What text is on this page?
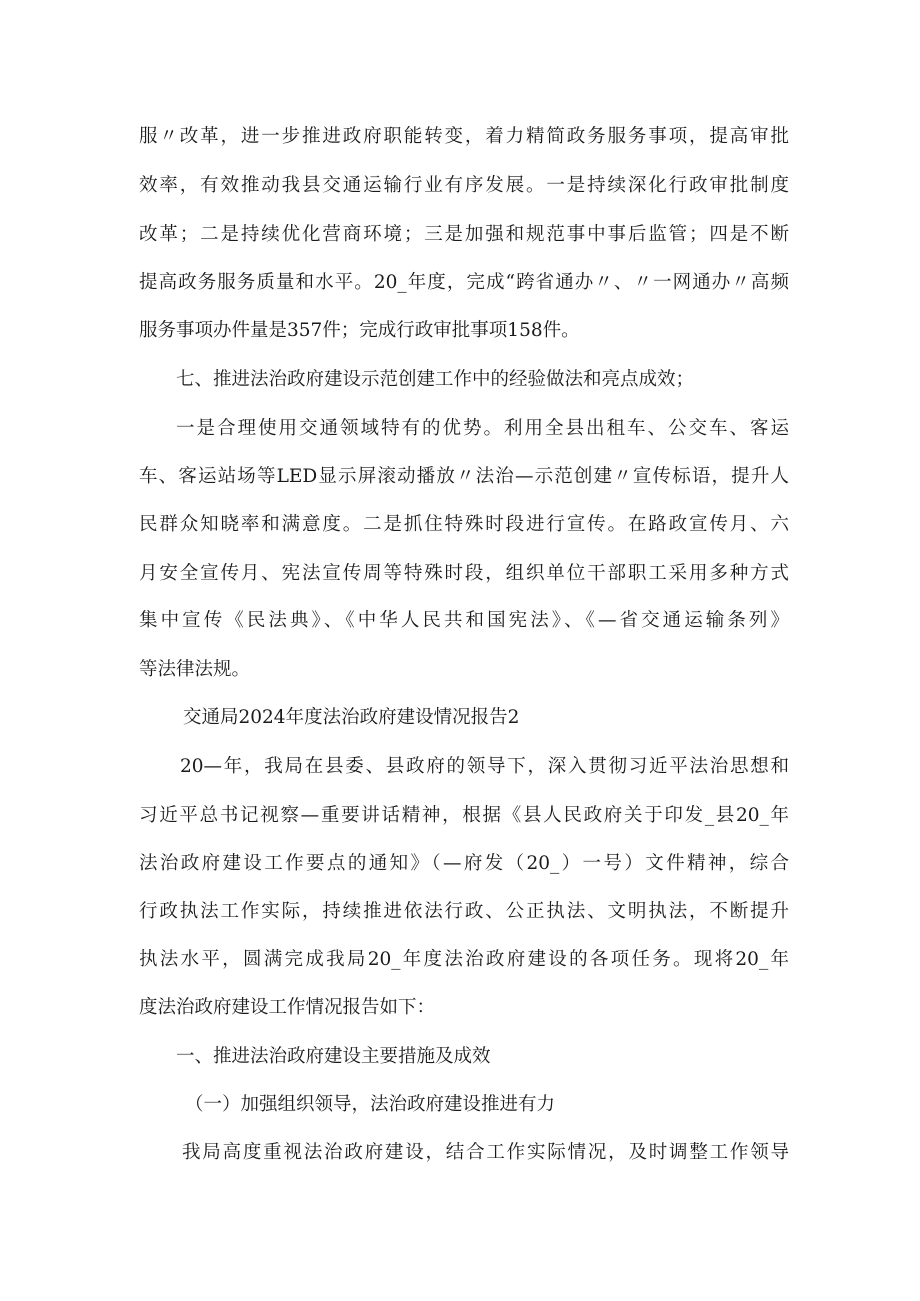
服〃改革，进一步推进政府职能转变，着力精简政务服务事项，提高审批
效率，有效推动我县交通运输行业有序发展。一是持续深化行政审批制度
改革；二是持续优化营商环境；三是加强和规范事中事后监管；四是不断
提高政务服务质量和水平。20_年度，完成“跨省通办〃、〃一网通办〃高频
服务事项办件量是357件；完成行政审批事项158件。
七、推进法治政府建设示范创建工作中的经验做法和亮点成效；
一是合理使用交通领域特有的优势。利用全县出租车、公交车、客运
车、客运站场等LED显示屏滚动播放〃法治—示范创建〃宣传标语，提升人
民群众知晓率和满意度。二是抓住特殊时段进行宣传。在路政宣传月、六
月安全宣传月、宪法宣传周等特殊时段，组织单位干部职工采用多种方式
集中宣传《民法典》、《中华人民共和国宪法》、《—省交通运输条列》
等法律法规。
交通局2024年度法治政府建设情况报告2
20—年，我局在县委、县政府的领导下，深入贯彻习近平法治思想和
习近平总书记视察—重要讲话精神，根据《县人民政府关于印发_县20_年
法治政府建设工作要点的通知》（—府发（20_）一号）文件精神，综合
行政执法工作实际，持续推进依法行政、公正执法、文明执法，不断提升
执法水平，圆满完成我局20_年度法治政府建设的各项任务。现将20_年
度法治政府建设工作情况报告如下：
一、推进法治政府建设主要措施及成效
（一）加强组织领导，法治政府建设推进有力
我局高度重视法治政府建设，结合工作实际情况，及时调整工作领导
